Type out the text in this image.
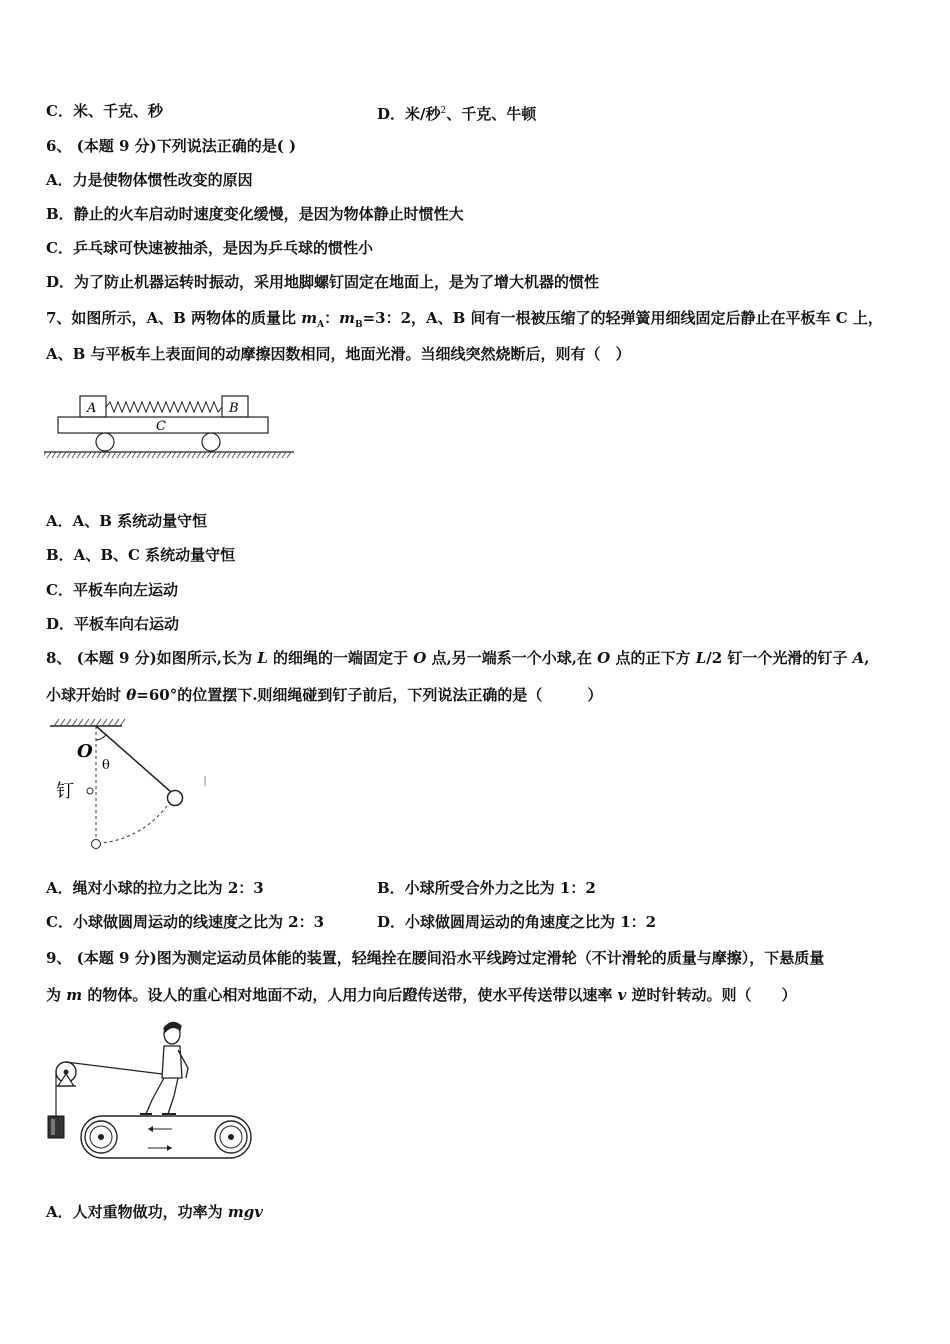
C．米、千克、秒	D．米/秒$^2$、千克、牛顿
6、 (本题 9 分)下列说法正确的是( )
A．力是使物体惯性改变的原因
B．静止的火车启动时速度变化缓慢，是因为物体静止时惯性大
C．乒乓球可快速被抽杀，是因为乒乓球的惯性小
D．为了防止机器运转时振动，采用地脚螺钉固定在地面上，是为了增大机器的惯性
7、如图所示，A、B 两物体的质量比 $m_A$：$m_B=3$：2，A、B 间有一根被压缩了的轻弹簧用细线固定后静止在平板车 C 上，
A、B 与平板车上表面间的动摩擦因数相同，地面光滑。当细线突然烧断后，则有（　）
A	B
C
A．A、B 系统动量守恒
B．A、B、C 系统动量守恒
C．平板车向左运动
D．平板车向右运动
8、 (本题 9 分)如图所示,长为 L 的细绳的一端固定于 O 点,另一端系一个小球,在 O 点的正下方 L/2 钉一个光滑的钉子 A,
小球开始时 θ=60°的位置摆下.则细绳碰到钉子前后，下列说法正确的是（　　　）
O
θ
钉
A．绳对小球的拉力之比为 2：3	B．小球所受合外力之比为 1：2
C．小球做圆周运动的线速度之比为 2：3	D．小球做圆周运动的角速度之比为 1：2
9、 (本题 9 分)图为测定运动员体能的装置，轻绳拴在腰间沿水平线跨过定滑轮（不计滑轮的质量与摩擦），下悬质量
为 m 的物体。设人的重心相对地面不动，人用力向后蹬传送带，使水平传送带以速率 v 逆时针转动。则（　　）
A．人对重物做功，功率为 mgv
